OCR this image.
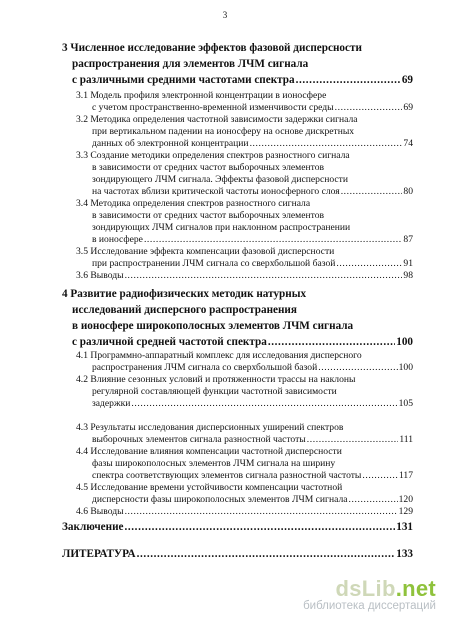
3
3 Численное исследование эффектов фазовой дисперсности
распространения для элементов ЛЧМ сигнала
с различными средними частотами спектра .....	69
3.1 Модель профиля электронной концентрации в ионосфере
с учетом пространственно-временной изменчивости среды .....	69
3.2 Методика определения частотной зависимости задержки сигнала
при вертикальном падении на ионосферу на основе дискретных
данных об электронной концентрации .....	74
3.3 Создание методики определения спектров разностного сигнала
в зависимости от средних частот выборочных элементов
зондирующего ЛЧМ сигнала. Эффекты фазовой дисперсности
на частотах вблизи критической частоты ионосферного слоя .....	80
3.4 Методика определения спектров разностного сигнала
в зависимости от средних частот выборочных элементов
зондирующих ЛЧМ сигналов при наклонном распространении
в ионосфере .....	87
3.5 Исследование эффекта компенсации фазовой дисперсности
при распространении ЛЧМ сигнала со сверхбольшой базой .....	91
3.6 Выводы .....	98
4 Развитие радиофизических методик натурных
исследований дисперсного распространения
в ионосфере широкополосных элементов ЛЧМ сигнала
с различной средней частотой спектра .....	100
4.1 Программно-аппаратный комплекс для исследования дисперсного
распространения ЛЧМ сигнала со сверхбольшой базой .....	100
4.2 Влияние сезонных условий и протяженности трассы на наклоны
регулярной составляющей функции частотной зависимости
задержки .....	105
4.3 Результаты исследования дисперсионных уширений спектров
выборочных элементов сигнала разностной частоты .....	111
4.4 Исследование влияния компенсации частотной дисперсности
фазы широкополосных элементов ЛЧМ сигнала на ширину
спектра соответствующих элементов сигнала разностной частоты .....	117
4.5 Исследование времени устойчивости компенсации частотной
дисперсности фазы широкополосных элементов ЛЧМ сигнала .....	120
4.6 Выводы .....	129
Заключение .....	131
ЛИТЕРАТУРА .....	133
dsLib.net
библиотека диссертаций
